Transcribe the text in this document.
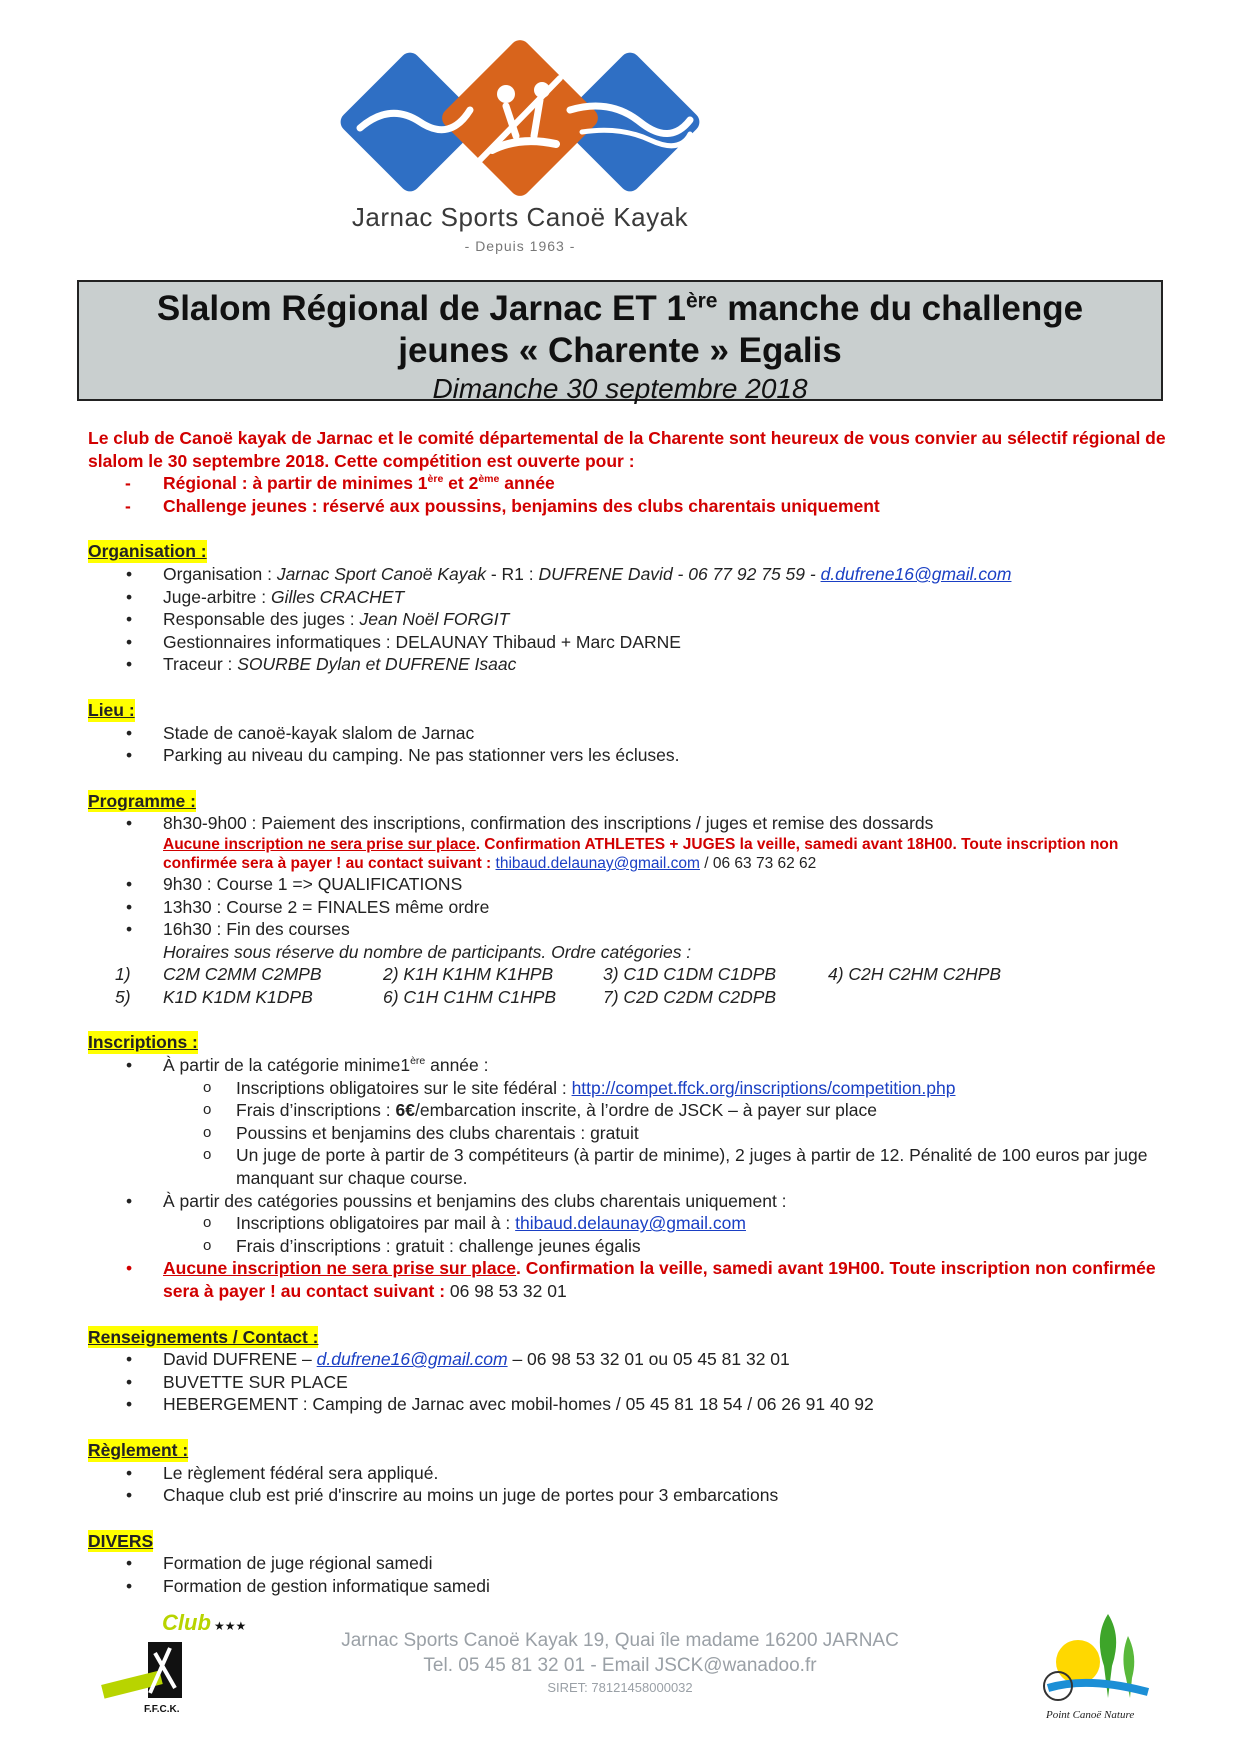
Jarnac Sports Canoë Kayak
- Depuis 1963 -
Slalom Régional de Jarnac ET 1ère manche du challenge
jeunes « Charente » Egalis
Dimanche 30 septembre 2018
Le club de Canoë kayak de Jarnac et le comité départemental de la Charente sont heureux de vous convier au sélectif régional de slalom le 30 septembre 2018. Cette compétition est ouverte pour :
- Régional : à partir de minimes 1ère et 2ème année
- Challenge jeunes : réservé aux poussins, benjamins des clubs charentais uniquement
Organisation :
• Organisation : Jarnac Sport Canoë Kayak - R1 : DUFRENE David - 06 77 92 75 59 - d.dufrene16@gmail.com
• Juge-arbitre : Gilles CRACHET
• Responsable des juges : Jean Noël FORGIT
• Gestionnaires informatiques : DELAUNAY Thibaud + Marc DARNE
• Traceur : SOURBE Dylan et DUFRENE Isaac
Lieu :
• Stade de canoë-kayak slalom de Jarnac
• Parking au niveau du camping. Ne pas stationner vers les écluses.
Programme :
• 8h30-9h00 : Paiement des inscriptions, confirmation des inscriptions / juges et remise des dossards
Aucune inscription ne sera prise sur place. Confirmation ATHLETES + JUGES la veille, samedi avant 18H00. Toute inscription non confirmée sera à payer ! au contact suivant : thibaud.delaunay@gmail.com / 06 63 73 62 62
• 9h30 : Course 1 => QUALIFICATIONS
• 13h30 : Course 2 = FINALES même ordre
• 16h30 : Fin des courses
Horaires sous réserve du nombre de participants. Ordre catégories :
1) C2M C2MM C2MPB	2) K1H K1HM K1HPB	3) C1D C1DM C1DPB	4) C2H C2HM C2HPB
5) K1D K1DM K1DPB	6) C1H C1HM C1HPB	7) C2D C2DM C2DPB
Inscriptions :
• À partir de la catégorie minime1ère année :
o Inscriptions obligatoires sur le site fédéral : http://compet.ffck.org/inscriptions/competition.php
o Frais d’inscriptions : 6€/embarcation inscrite, à l’ordre de JSCK – à payer sur place
o Poussins et benjamins des clubs charentais : gratuit
o Un juge de porte à partir de 3 compétiteurs (à partir de minime), 2 juges à partir de 12. Pénalité de 100 euros par juge manquant sur chaque course.
• À partir des catégories poussins et benjamins des clubs charentais uniquement :
o Inscriptions obligatoires par mail à : thibaud.delaunay@gmail.com
o Frais d’inscriptions : gratuit : challenge jeunes égalis
• Aucune inscription ne sera prise sur place. Confirmation la veille, samedi avant 19H00. Toute inscription non confirmée sera à payer ! au contact suivant : 06 98 53 32 01
Renseignements / Contact :
• David DUFRENE – d.dufrene16@gmail.com – 06 98 53 32 01 ou 05 45 81 32 01
• BUVETTE SUR PLACE
• HEBERGEMENT : Camping de Jarnac avec mobil-homes / 05 45 81 18 54 / 06 26 91 40 92
Règlement :
• Le règlement fédéral sera appliqué.
• Chaque club est prié d'inscrire au moins un juge de portes pour 3 embarcations
DIVERS
• Formation de juge régional samedi
• Formation de gestion informatique samedi
Club ★★★
F.F.C.K.
Jarnac Sports Canoë Kayak 19, Quai île madame 16200 JARNAC
Tel. 05 45 81 32 01 - Email JSCK@wanadoo.fr
SIRET: 78121458000032
Point Canoë Nature
